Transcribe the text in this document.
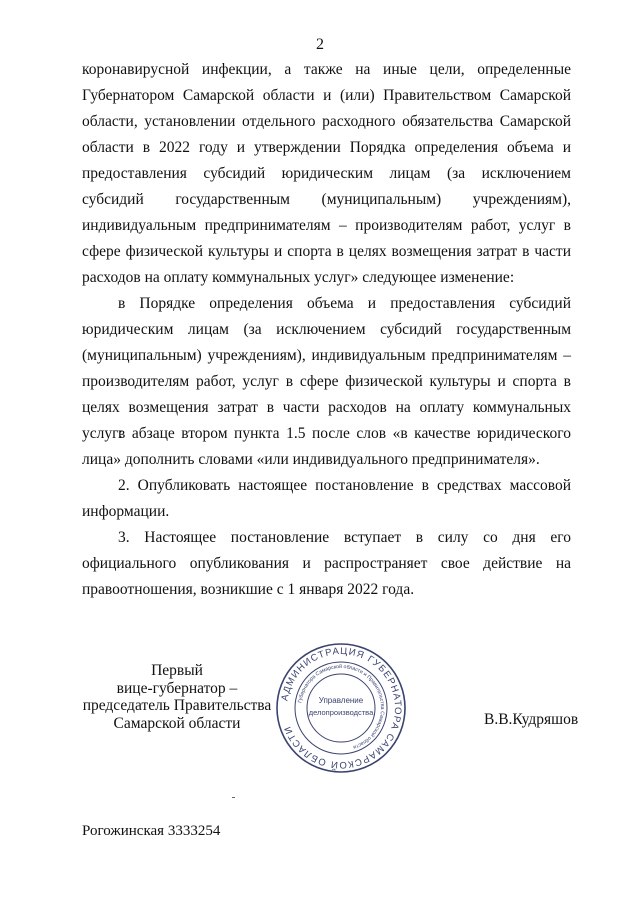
2

коронавирусной инфекции, а также на иные цели, определенные Губернатором Самарской области и (или) Правительством Самарской области, установлении отдельного расходного обязательства Самарской области в 2022 году и утверждении Порядка определения объема и предоставления субсидий юридическим лицам (за исключением субсидий государственным (муниципальным) учреждениям), индивидуальным предпринимателям – производителям работ, услуг в сфере физической культуры и спорта в целях возмещения затрат в части расходов на оплату коммунальных услуг» следующее изменение:

в Порядке определения объема и предоставления субсидий юридическим лицам (за исключением субсидий государственным (муниципальным) учреждениям), индивидуальным предпринимателям – производителям работ, услуг в сфере физической культуры и спорта в целях возмещения затрат в части расходов на оплату коммунальных услуг:

в абзаце втором пункта 1.5 после слов «в качестве юридического лица» дополнить словами «или индивидуального предпринимателя».

2. Опубликовать настоящее постановление в средствах массовой информации.

3. Настоящее постановление вступает в силу со дня его официального опубликования и распространяет свое действие на правоотношения, возникшие с 1 января 2022 года.

Первый
вице-губернатор –
председатель Правительства
Самарской области
АДМИНИСТРАЦИЯ ГУБЕРНАТОРА САМАРСКОЙ ОБЛАСТИ
Губернатора Самарской области и Правительства Самарской области
Управление
делопроизводства	В.В.Кудряшов
Рогожинская 3333254
